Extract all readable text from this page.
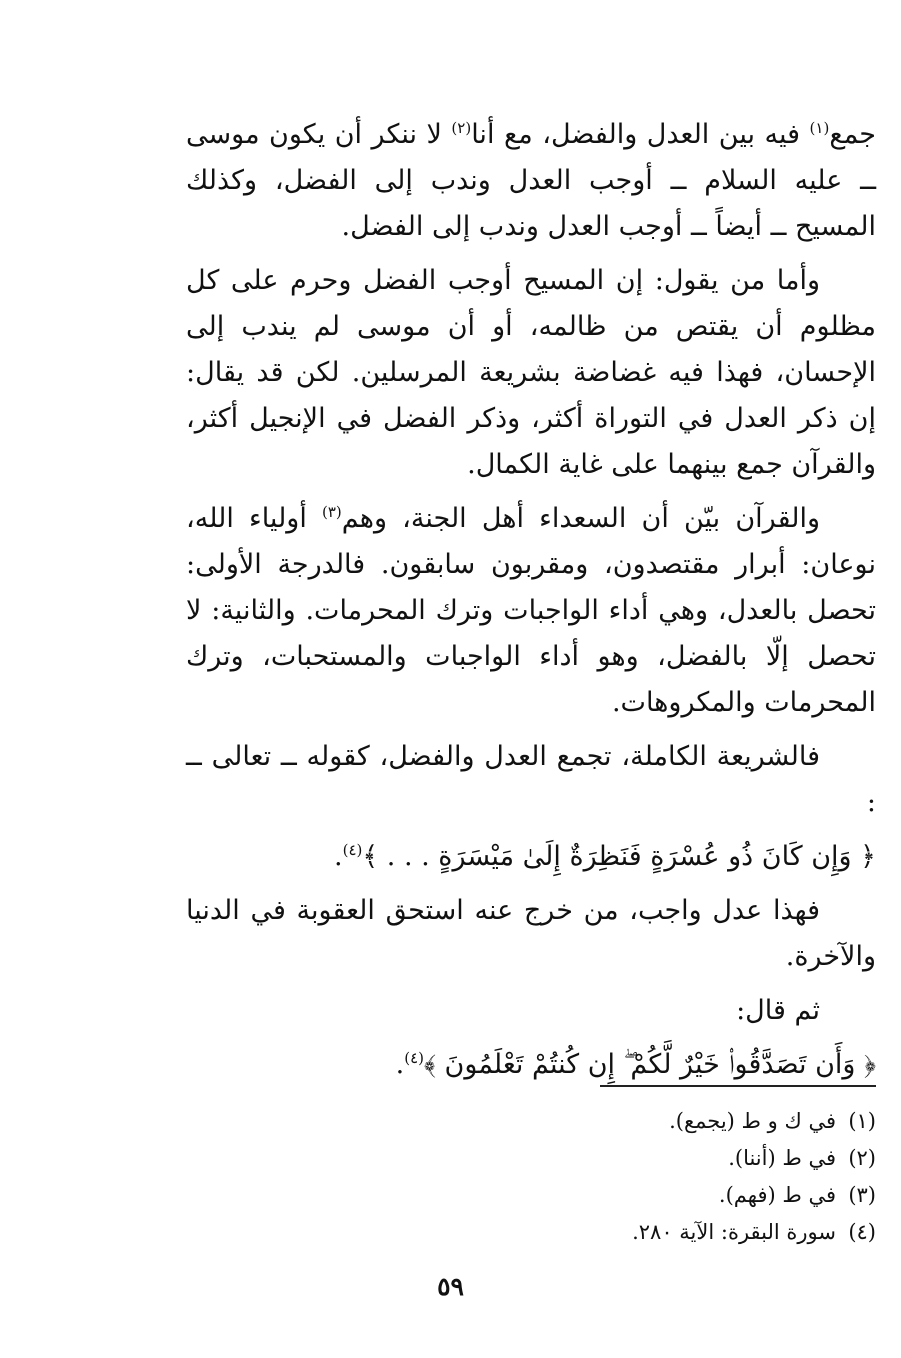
جمع$^{(١)}$ فيه بين العدل والفضل، مع أنا$^{(٢)}$ لا ننكر أن يكون موسى ــ عليه السلام ــ أوجب العدل وندب إلى الفضل، وكذلك المسيح ــ أيضاً ــ أوجب العدل وندب إلى الفضل.

وأما من يقول: إن المسيح أوجب الفضل وحرم على كل مظلوم أن يقتص من ظالمه، أو أن موسى لم يندب إلى الإحسان، فهذا فيه غضاضة بشريعة المرسلين. لكن قد يقال: إن ذكر العدل في التوراة أكثر، وذكر الفضل في الإنجيل أكثر، والقرآن جمع بينهما على غاية الكمال.

والقرآن بيّن أن السعداء أهل الجنة، وهم$^{(٣)}$ أولياء الله، نوعان: أبرار مقتصدون، ومقربون سابقون. فالدرجة الأولى: تحصل بالعدل، وهي أداء الواجبات وترك المحرمات. والثانية: لا تحصل إلّا بالفضل، وهو أداء الواجبات والمستحبات، وترك المحرمات والمكروهات.

فالشريعة الكاملة، تجمع العدل والفضل، كقوله ــ تعالى ــ :

﴿ وَإِن كَانَ ذُو عُسْرَةٍ فَنَظِرَةٌ إِلَىٰ مَيْسَرَةٍ . . . ﴾$^{(٤)}$.

فهذا عدل واجب، من خرج عنه استحق العقوبة في الدنيا والآخرة.

ثم قال:

﴿ وَأَن تَصَدَّقُوا۟ خَيْرٌ لَّكُمْ ۖ إِن كُنتُمْ تَعْلَمُونَ ﴾$^{(٤)}$.

(١)في ك و ط (يجمع).
(٢)في ط (أننا).
(٣)في ط (فهم).
(٤)سورة البقرة: الآية ٢٨٠.
٥٩
